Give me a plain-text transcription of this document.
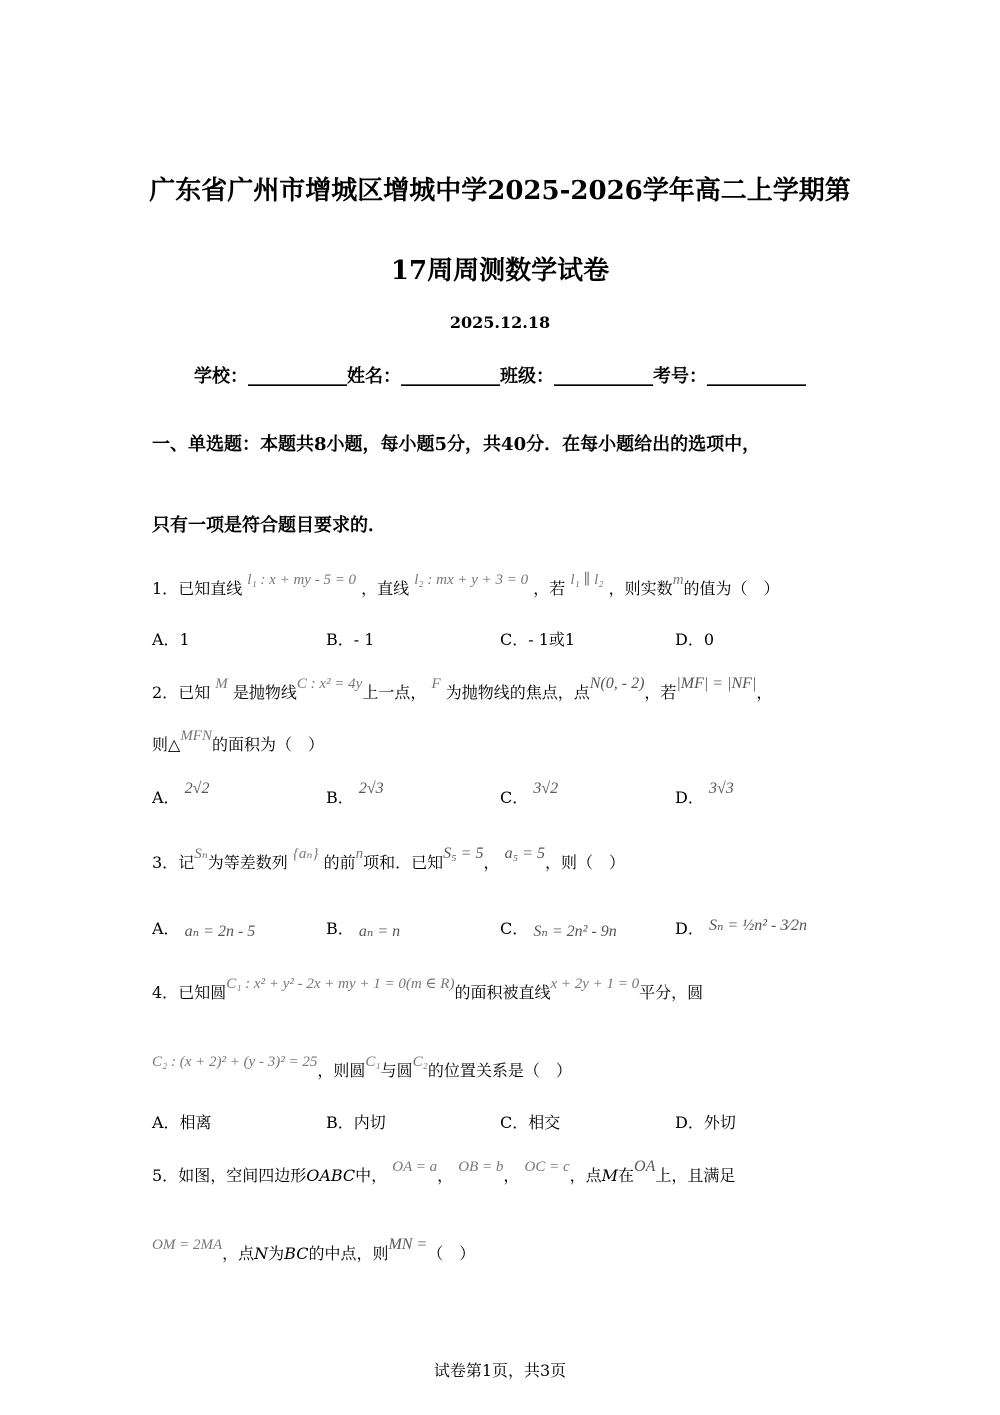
广东省广州市增城区增城中学2025-2026学年高二上学期第
17周周测数学试卷
2025.12.18
学校：___________姓名：___________班级：___________考号：___________
一、单选题：本题共8小题，每小题5分，共40分．在每小题给出的选项中，
只有一项是符合题目要求的．
1．已知直线 l₁ : x + my - 5 = 0 ，直线 l₂ : mx + y + 3 = 0 ，若 l₁ ∥ l₂ ，则实数m的值为（　）
A．1	B．- 1	C．- 1或1	D．0
2．已知 M 是抛物线C : x² = 4y上一点， F 为抛物线的焦点，点N(0, - 2)，若|MF| = |NF|，
则△MFN的面积为（　）
A． 2√2	B． 2√3	C． 3√2	D． 3√3
3．记Sₙ为等差数列 {aₙ} 的前n项和．已知S₅ = 5， a₅ = 5，则（　）
A． aₙ = 2n - 5	B． aₙ = n	C． Sₙ = 2n² - 9n	D． Sₙ = ½n² - 3⁄2n
4．已知圆C₁ : x² + y² - 2x + my + 1 = 0(m ∈ R)的面积被直线x + 2y + 1 = 0平分，圆
C₂ : (x + 2)² + (y - 3)² = 25，则圆C₁与圆C₂的位置关系是（　）
A．相离	B．内切	C．相交	D．外切
5．如图，空间四边形OABC中， OA = a， OB = b， OC = c，点M在OA上，且满足
OM = 2MA，点N为BC的中点，则MN =（　）
试卷第1页，共3页
